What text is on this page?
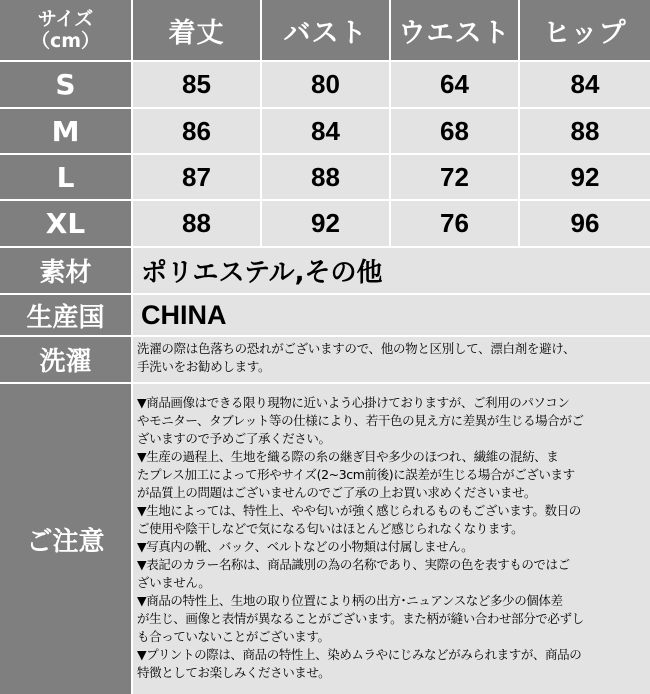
サイズ
（cm）	着丈	バスト	ウエスト	ヒップ
S	85	80	64	84
M	86	84	68	88
L	87	88	72	92
XL	88	92	76	96
素材	ポリエステル,その他
生産国	CHINA
洗濯	洗濯の際は色落ちの恐れがございますので、他の物と区別して、漂白剤を避け、

手洗いをお勧めします。

ご注意

▼商品画像はできる限り現物に近いよう心掛けておりますが、ご利用のパソコン

やモニター、タブレット等の仕様により、若干色の見え方に差異が生じる場合がご

ざいますので予めご了承ください。

▼生産の過程上、生地を織る際の糸の継ぎ目や多少のほつれ、繊維の混紡、ま

たプレス加工によって形やサイズ(2~3cm前後)に誤差が生じる場合がございます

が品質上の問題はございませんのでご了承の上お買い求めくださいませ。

▼生地によっては、特性上、やや匂いが強く感じられるものもございます。数日の

ご使用や陰干しなどで気になる匂いはほとんど感じられなくなります。

▼写真内の靴、バック、ベルトなどの小物類は付属しません。

▼表記のカラー名称は、商品識別の為の名称であり、実際の色を表すものではご

ざいません。

▼商品の特性上、生地の取り位置により柄の出方･ニュアンスなど多少の個体差

が生じ、画像と表情が異なることがございます。また柄が縫い合わせ部分で必ずし

も合っていないことがございます。

▼プリントの際は、商品の特性上、染めムラやにじみなどがみられますが、商品の

特徴としてお楽しみくださいませ。
